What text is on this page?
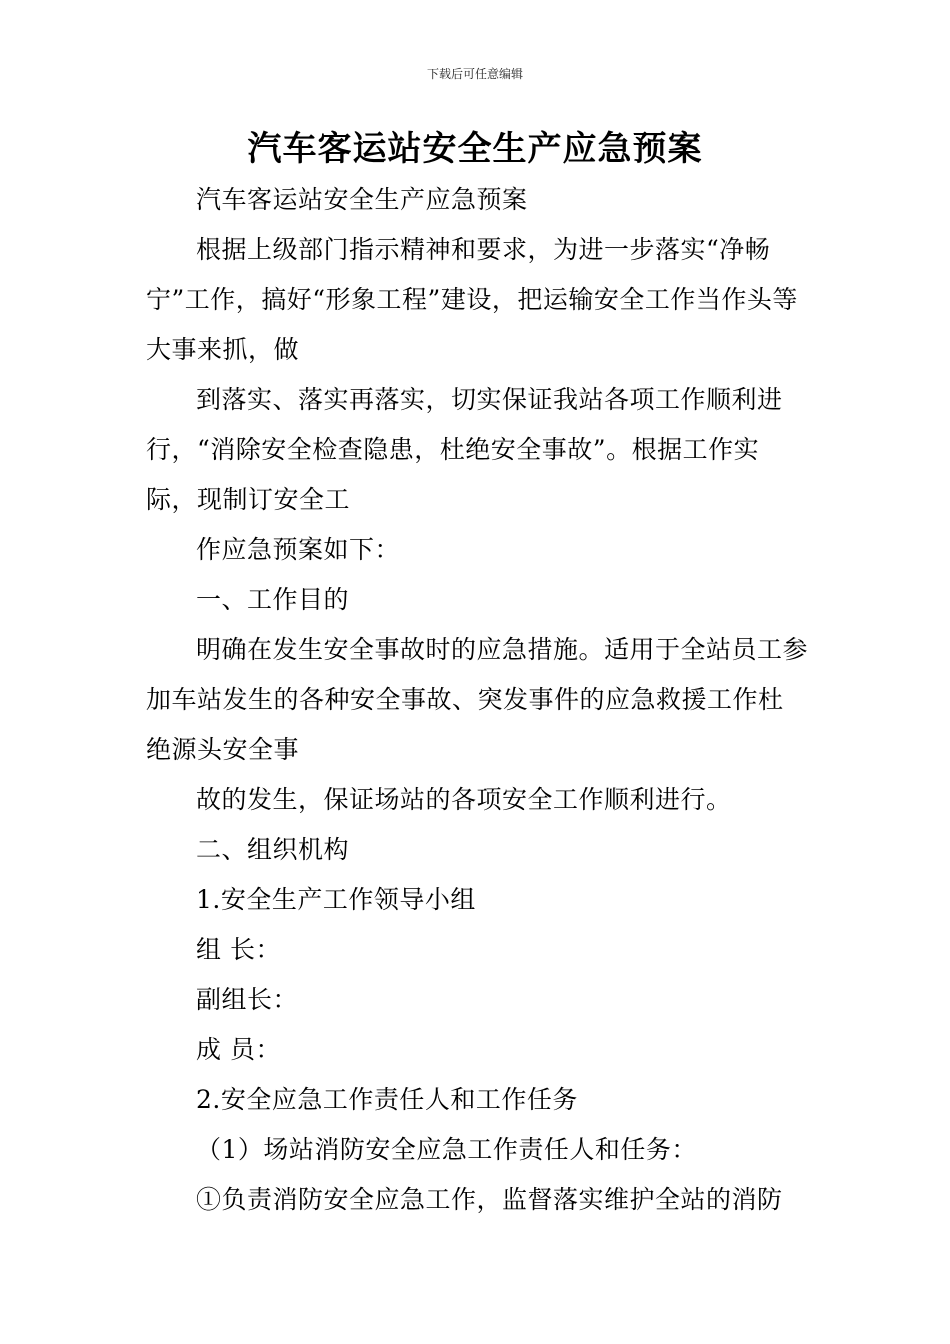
下载后可任意编辑
汽车客运站安全生产应急预案

汽车客运站安全生产应急预案

根据上级部门指示精神和要求，为进一步落实“净畅宁”工作，搞好“形象工程”建设，把运输安全工作当作头等大事来抓，做

到落实、落实再落实，切实保证我站各项工作顺利进行，“消除安全检查隐患，杜绝安全事故”。根据工作实际，现制订安全工

作应急预案如下：

一、工作目的

明确在发生安全事故时的应急措施。适用于全站员工参加车站发生的各种安全事故、突发事件的应急救援工作杜绝源头安全事

故的发生，保证场站的各项安全工作顺利进行。

二、组织机构

1.安全生产工作领导小组

组 长：

副组长：

成 员：

2.安全应急工作责任人和工作任务

（1）场站消防安全应急工作责任人和任务：

①负责消防安全应急工作，监督落实维护全站的消防
